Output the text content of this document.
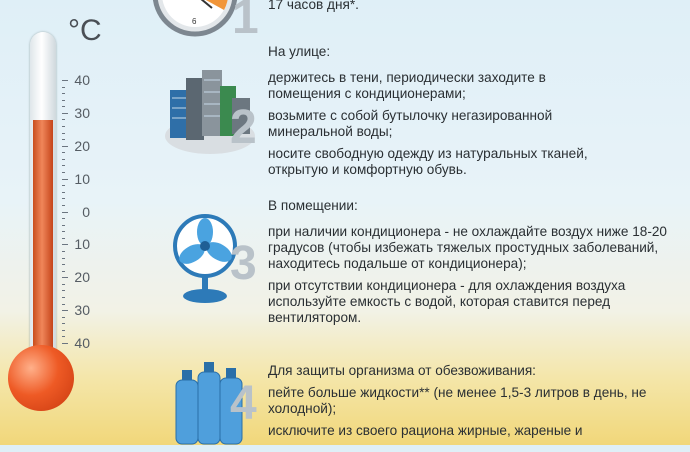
°C
40
30
20
10
0
10
20
30
40
6 1
2
3
4
17 часов дня*.

На улице:

держитесь в тени, периодически заходите в помещения с кондиционерами;

возьмите с собой бутылочку негазированной минеральной воды;

носите свободную одежду из натуральных тканей, открытую и комфортную обувь.

В помещении:

при наличии кондиционера - не охлаждайте воздух ниже 18-20 градусов (чтобы избежать тяжелых простудных заболеваний, находитесь подальше от кондиционера);

при отсутствии кондиционера - для охлаждения воздуха используйте емкость с водой, которая ставится перед вентилятором.

Для защиты организма от обезвоживания:

пейте больше жидкости** (не менее 1,5-3 литров в день, не холодной);

исключите из своего рациона жирные, жареные и
